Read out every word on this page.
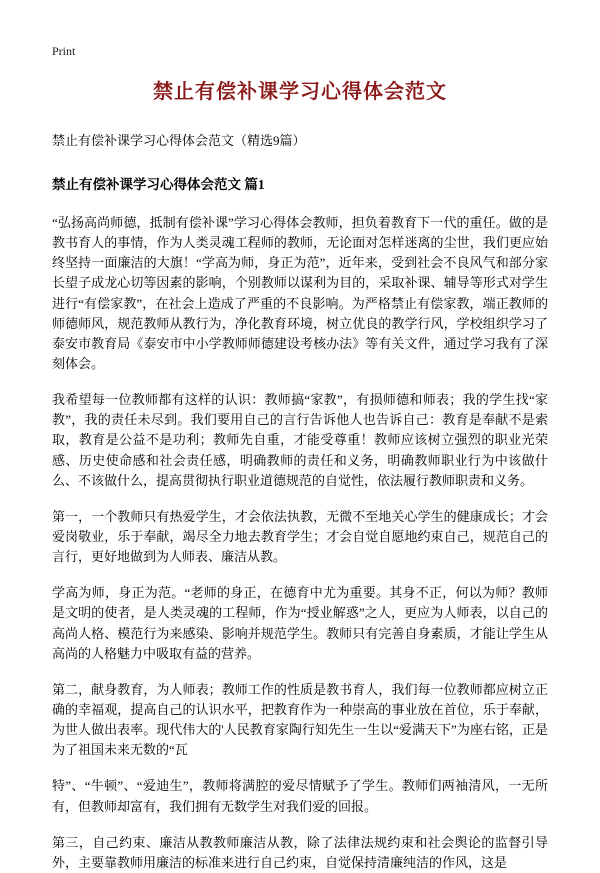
Print
禁止有偿补课学习心得体会范文

禁止有偿补课学习心得体会范文（精选9篇）

禁止有偿补课学习心得体会范文 篇1

“弘扬高尚师德，抵制有偿补课”学习心得体会教师，担负着教育下一代的重任。做的是教书育人的事情，作为人类灵魂工程师的教师，无论面对怎样迷离的尘世，我们更应始终坚持一面廉洁的大旗！“学高为师，身正为范”，近年来，受到社会不良风气和部分家长望子成龙心切等因素的影响，个别教师以谋利为目的，采取补课、辅导等形式对学生进行“有偿家教”，在社会上造成了严重的不良影响。为严格禁止有偿家教，端正教师的师德师风，规范教师从教行为，净化教育环境，树立优良的教学行风，学校组织学习了泰安市教育局《泰安市中小学教师师德建设考核办法》等有关文件，通过学习我有了深刻体会。

我希望每一位教师都有这样的认识：教师搞“家教”，有损师德和师表；我的学生找“家教”，我的责任未尽到。我们要用自己的言行告诉他人也告诉自己：教育是奉献不是索取，教育是公益不是功利；教师先自重，才能受尊重！教师应该树立强烈的职业光荣感、历史使命感和社会责任感，明确教师的责任和义务，明确教师职业行为中该做什么、不该做什么，提高贯彻执行职业道德规范的自觉性，依法履行教师职责和义务。

第一，一个教师只有热爱学生，才会依法执教，无微不至地关心学生的健康成长；才会爱岗敬业，乐于奉献，竭尽全力地去教育学生；才会自觉自愿地约束自己，规范自己的言行，更好地做到为人师表、廉洁从教。

学高为师，身正为范。“老师的身正，在德育中尤为重要。其身不正，何以为师？教师是文明的使者，是人类灵魂的工程师，作为“授业解惑”之人，更应为人师表，以自己的高尚人格、模范行为来感染、影响并规范学生。教师只有完善自身素质，才能让学生从高尚的人格魅力中吸取有益的营养。

第二，献身教育，为人师表；教师工作的性质是教书育人，我们每一位教师都应树立正确的幸福观，提高自己的认识水平，把教育作为一种崇高的事业放在首位，乐于奉献，为世人做出表率。现代伟大的'人民教育家陶行知先生一生以“爱满天下”为座右铭，正是为了祖国未来无数的“瓦

特”、“牛顿”、“爱迪生”，教师将满腔的爱尽情赋予了学生。教师们两袖清风，一无所有，但教师却富有，我们拥有无数学生对我们爱的回报。

第三，自己约束、廉洁从教教师廉洁从教，除了法律法规约束和社会舆论的监督引导外，主要靠教师用廉洁的标准来进行自己约束，自觉保持清廉纯洁的作风，这是
